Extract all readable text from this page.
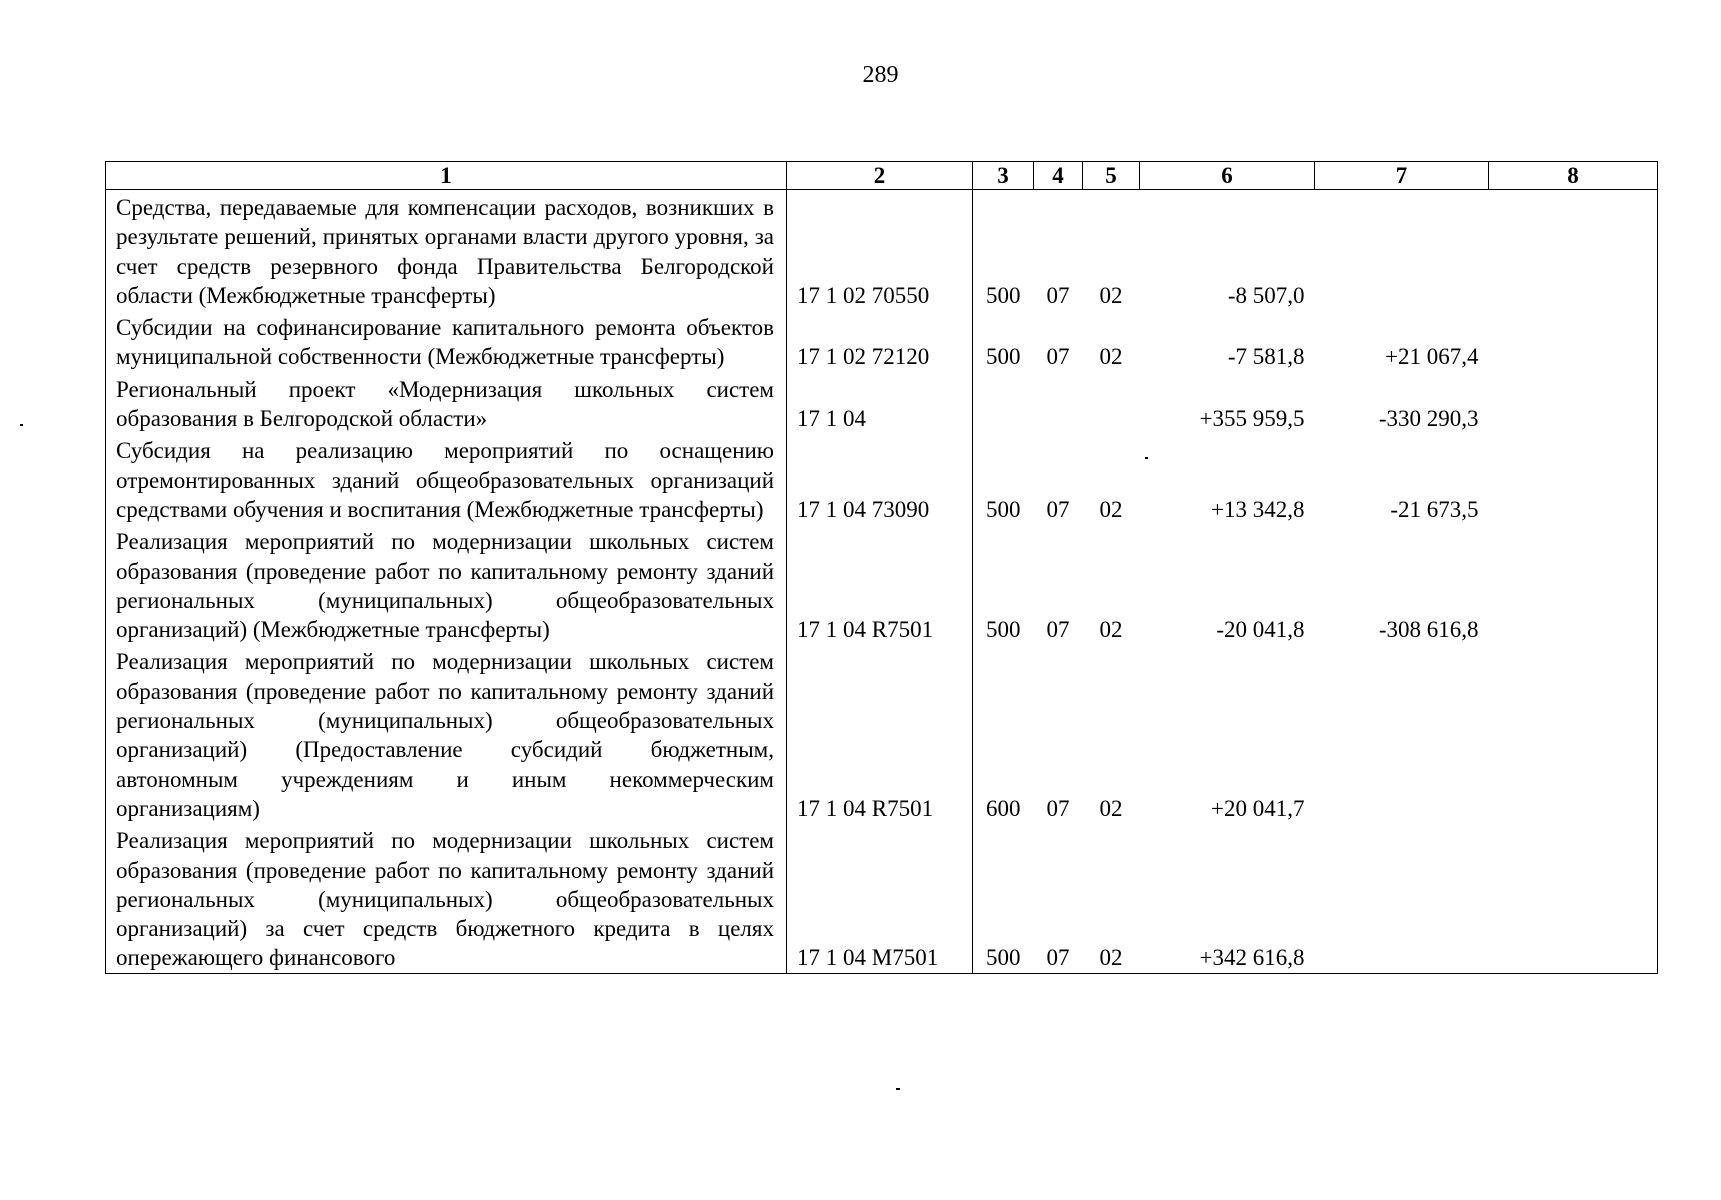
289
1	2	3	4	5	6	7	8
Средства, передаваемые для компенсации расходов, возникших в результате решений, принятых органами власти другого уровня, за счет средств резервного фонда Правительства Белгородской области (Межбюджетные трансферты)	17 1 02 70550	500	07	02	-8 507,0		
Субсидии на софинансирование капитального ремонта объектов муниципальной собственности (Межбюджетные трансферты)	17 1 02 72120	500	07	02	-7 581,8	+21 067,4	
Региональный проект «Модернизация школьных систем образования в Белгородской области»	17 1 04				+355 959,5	-330 290,3	
Субсидия на реализацию мероприятий по оснащению отремонтированных зданий общеобразовательных организаций средствами обучения и воспитания (Межбюджетные трансферты)	17 1 04 73090	500	07	02	+13 342,8	-21 673,5	
Реализация мероприятий по модернизации школьных систем образования (проведение работ по капитальному ремонту зданий региональных (муниципальных) общеобразовательных организаций) (Межбюджетные трансферты)	17 1 04 R7501	500	07	02	-20 041,8	-308 616,8	
Реализация мероприятий по модернизации школьных систем образования (проведение работ по капитальному ремонту зданий региональных (муниципальных) общеобразовательных организаций) (Предоставление субсидий бюджетным, автономным учреждениям и иным некоммерческим организациям)	17 1 04 R7501	600	07	02	+20 041,7		
Реализация мероприятий по модернизации школьных систем образования (проведение работ по капитальному ремонту зданий региональных (муниципальных) общеобразовательных организаций) за счет средств бюджетного кредита в целях опережающего финансового	17 1 04 M7501	500	07	02	+342 616,8		
